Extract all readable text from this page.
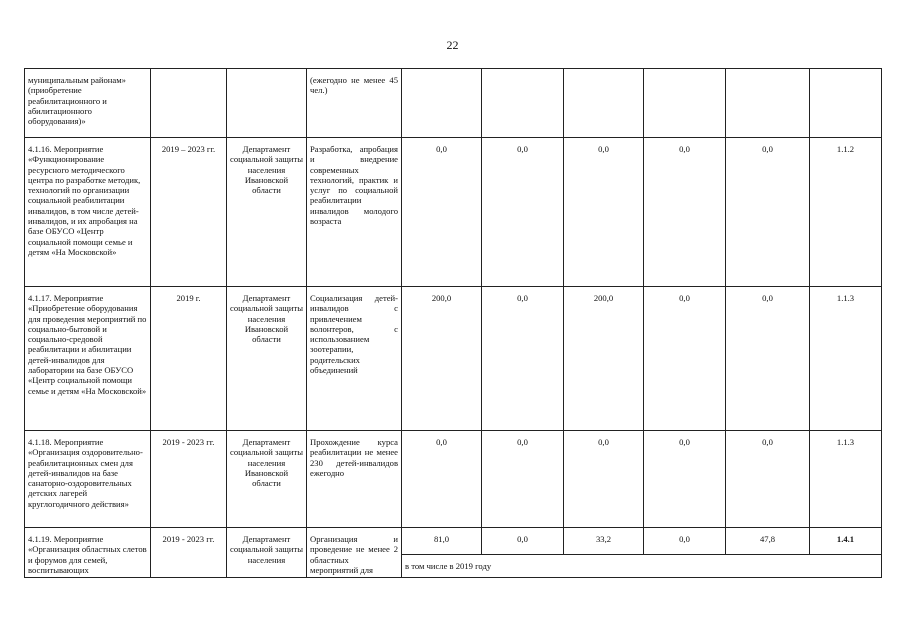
22
муниципальным районам» (приобретение реабилитационного и абилитационного оборудования)»			(ежегодно не менее 45 чел.)						
4.1.16. Мероприятие «Функционирование ресурсного методического центра по разработке методик, технологий по организации социальной реабилитации инвалидов, в том числе детей-инвалидов, и их апробация на базе ОБУСО «Центр социальной помощи семье и детям «На Московской»	2019 – 2023 гг.	Департамент социальной защиты населения Ивановской области	Разработка, апробация и внедрение современных технологий, практик и услуг по социальной реабилитации инвалидов молодого возраста	0,0	0,0	0,0	0,0	0,0	1.1.2
4.1.17. Мероприятие «Приобретение оборудования для проведения мероприятий по социально-бытовой и социально-средовой реабилитации и абилитации детей-инвалидов для лаборатории на базе ОБУСО «Центр социальной помощи семье и детям «На Московской»	2019 г.	Департамент социальной защиты населения Ивановской области	Социализация детей-инвалидов с привлечением волонтеров, с использованием зоотерапии, родительских объединений	200,0	0,0	200,0	0,0	0,0	1.1.3
4.1.18. Мероприятие «Организация оздоровительно-реабилитационных смен для детей-инвалидов на базе санаторно-оздоровительных детских лагерей круглогодичного действия»	2019 - 2023 гг.	Департамент социальной защиты населения Ивановской области	Прохождение курса реабилитации не менее 230 детей-инвалидов ежегодно	0,0	0,0	0,0	0,0	0,0	1.1.3
4.1.19. Мероприятие «Организация областных слетов и форумов для семей, воспитывающих	2019 - 2023 гг.	Департамент социальной защиты населения	Организация и проведение не менее 2 областных мероприятий для	81,0	0,0	33,2	0,0	47,8	1.4.1
				в том числе в 2019 году					
